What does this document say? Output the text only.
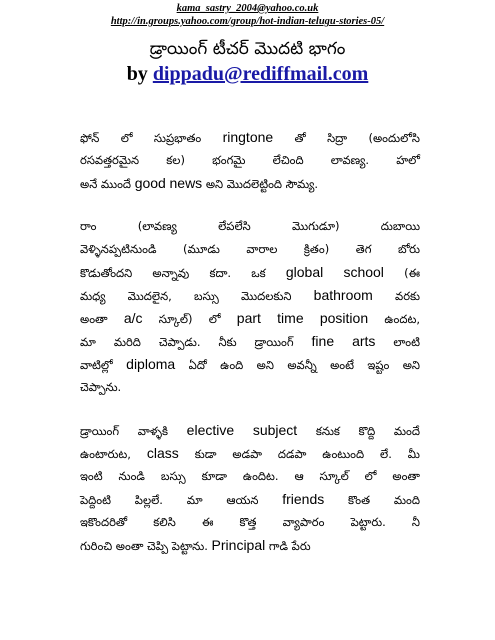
kama_sastry_2004@yahoo.co.uk
http://in.groups.yahoo.com/group/hot-indian-telugu-stories-05/
డ్రాయింగ్ టీచర్ మొదటి భాగం
by dippadu@rediffmail.com
ఫోన్ లో సుప్రభాతం ringtone తో సిద్రా (అందులోసి
రసవత్తరమైన కల) భంగమై లేచింది లావణ్య. హలో
అనే ముందే good news అని మొదలెట్టింది సౌమ్య.
రాం (లావణ్య లేపలేసి మొగుడూ) దుబాయి
వెళ్ళినప్పటినుండి (మూడు వారాల క్రితం) తెగ బోరు
కొడుతోందని అన్నావు కదా. ఒక global school (ఈ
మధ్య మొదలైన, బస్సు మొదలకుని bathroom వరకు
అంతా a/c స్కూల్) లో part time position ఉందట,
మా మరిది చెప్పాడు. నీకు డ్రాయింగ్ fine arts లాంటి
వాటిల్లో diploma ఏదో ఉంది అని అవన్నీ అంటే ఇష్టం అని
చెప్పాను.
డ్రాయింగ్ వాళ్ళకి elective subject కనుక కొద్ది మందే
ఉంటారుట, class కుడా అడపా దడపా ఉంటుంది లే. మీ
ఇంటి నుండి బస్సు కూడా ఉందిట. ఆ స్కూల్ లో అంతా
పెద్దింటి పిల్లలే. మా ఆయన friends కొంత మంది
ఇకొందరితో కలిసి ఈ కొత్త వ్యాపారం పెట్టారు. నీ
గురించి అంతా చెప్పి పెట్టాను. Principal గాడి పేరు
